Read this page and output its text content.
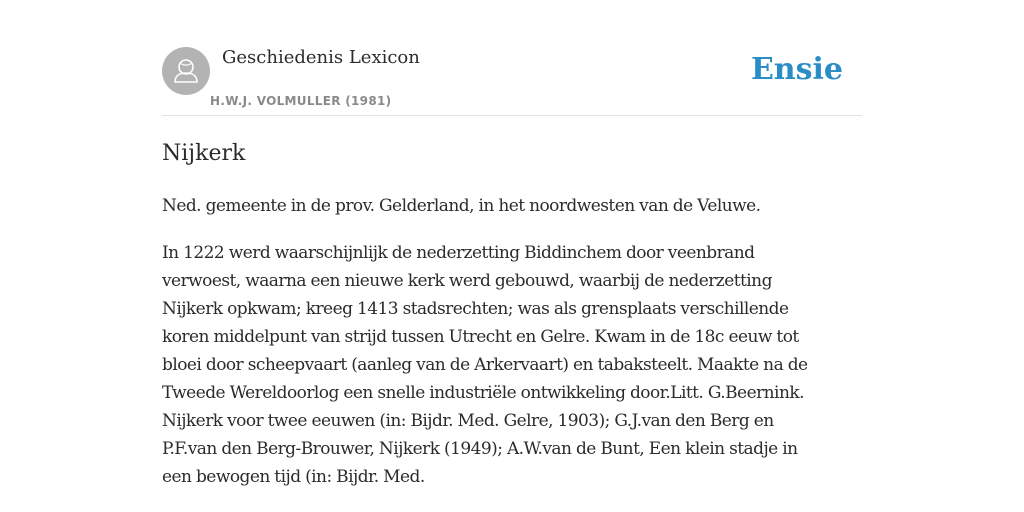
Geschiedenis Lexicon
H.W.J. VOLMULLER (1981)
Ensie
Nijkerk

Ned. gemeente in de prov. Gelderland, in het noordwesten van de Veluwe.

In 1222 werd waarschijnlijk de nederzetting Biddinchem door veenbrand
verwoest, waarna een nieuwe kerk werd gebouwd, waarbij de nederzetting
Nijkerk opkwam; kreeg 1413 stadsrechten; was als grensplaats verschillende
koren middelpunt van strijd tussen Utrecht en Gelre. Kwam in de 18c eeuw tot
bloei door scheepvaart (aanleg van de Arkervaart) en tabaksteelt. Maakte na de
Tweede Wereldoorlog een snelle industriële ontwikkeling door.Litt. G.Beernink.
Nijkerk voor twee eeuwen (in: Bijdr. Med. Gelre, 1903); G.J.van den Berg en
P.F.van den Berg-Brouwer, Nijkerk (1949); A.W.van de Bunt, Een klein stadje in
een bewogen tijd (in: Bijdr. Med.
